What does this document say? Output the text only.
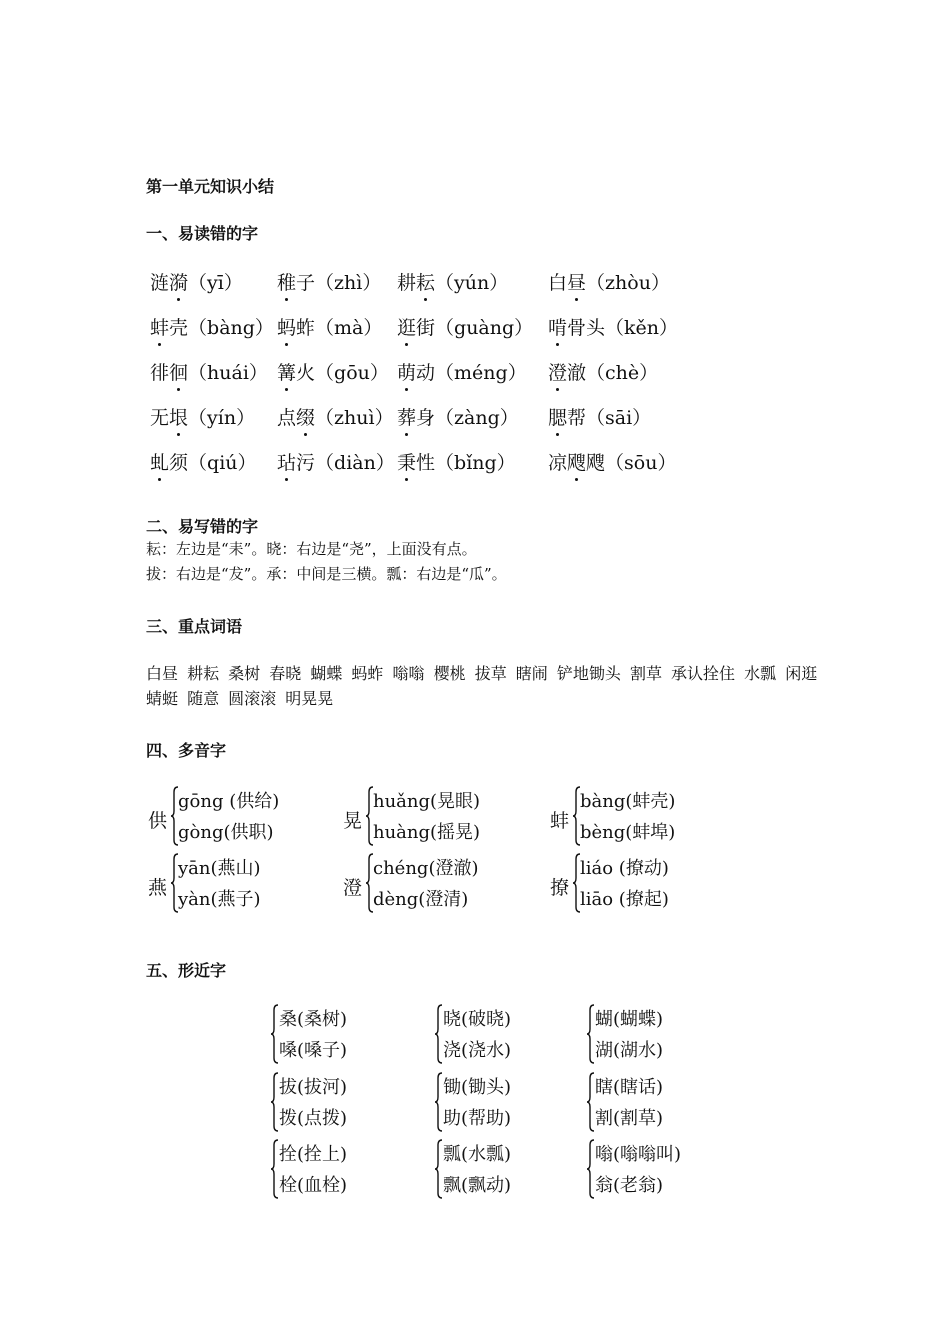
第一单元知识小结
一、易读错的字
涟漪（yī） 稚子（zhì） 耕耘（yún） 白昼（zhòu）
蚌壳（bàng） 蚂蚱（mà） 逛街（guàng） 啃骨头（kěn）
徘徊（huái） 篝火（gōu） 萌动（méng） 澄澈（chè）
无垠（yín） 点缀（zhuì） 葬身（zàng） 腮帮（sāi）
虬须（qiú） 玷污（diàn） 秉性（bǐng） 凉飕飕（sōu）
二、易写错的字
耘：左边是“耒”。晓：右边是“尧”，上面没有点。
拔：右边是“犮”。承：中间是三横。瓢：右边是“瓜”。
三、重点词语
白昼 耕耘 桑树 春晓 蝴蝶 蚂蚱 嗡嗡 樱桃 拔草 瞎闹 铲地锄头 割草 承认拴住 水瓢 闲逛 蜻蜓 随意 圆滚滚 明晃晃
四、多音字
供
gōng (供给)
gòng(供职)
晃
huǎng(晃眼)
huàng(摇晃)
蚌
bàng(蚌壳)
bèng(蚌埠)
燕
yān(燕山)
yàn(燕子)
澄
chéng(澄澈)
dèng(澄清)
撩
liáo (撩动)
liāo (撩起)
五、形近字
桑(桑树)
嗓(嗓子)
晓(破晓)
浇(浇水)
蝴(蝴蝶)
湖(湖水)
拔(拔河)
拨(点拨)
锄(锄头)
助(帮助)
瞎(瞎话)
割(割草)
拴(拴上)
栓(血栓)
瓢(水瓢)
飘(飘动)
嗡(嗡嗡叫)
翁(老翁)
